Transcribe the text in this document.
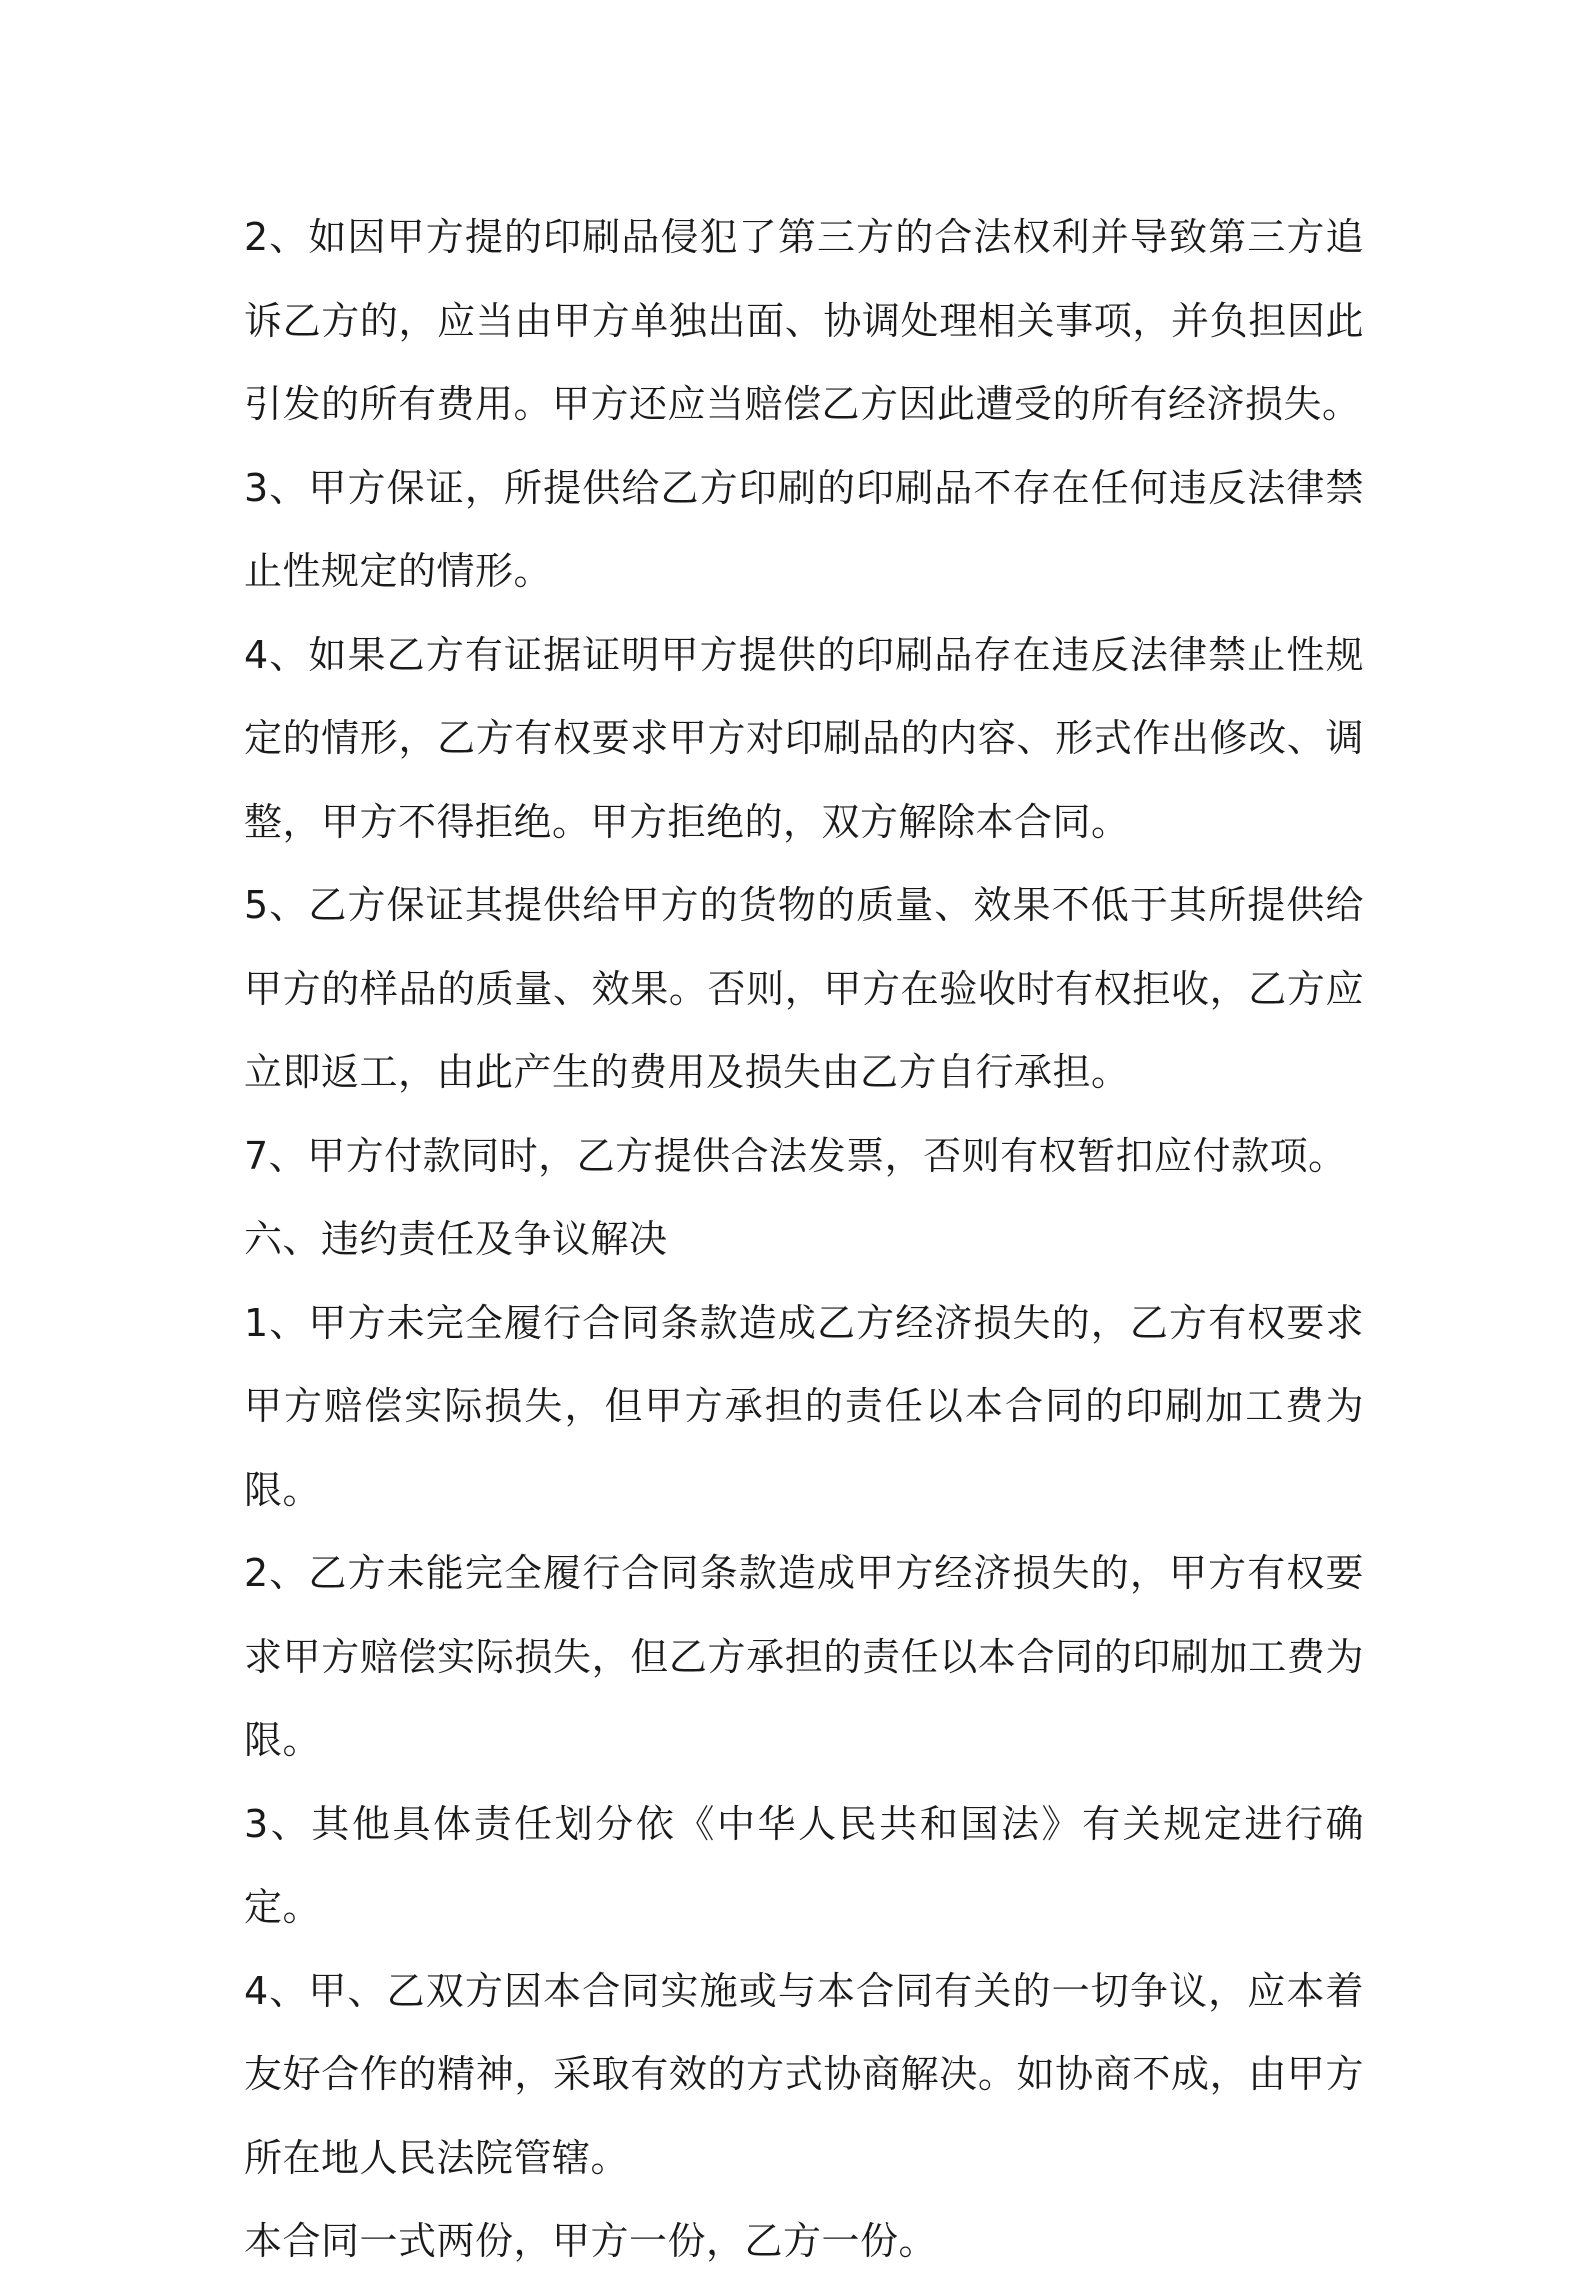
2、如因甲方提的印刷品侵犯了第三方的合法权利并导致第三方追诉乙方的，应当由甲方单独出面、协调处理相关事项，并负担因此引发的所有费用。甲方还应当赔偿乙方因此遭受的所有经济损失。

3、甲方保证，所提供给乙方印刷的印刷品不存在任何违反法律禁止性规定的情形。

4、如果乙方有证据证明甲方提供的印刷品存在违反法律禁止性规定的情形，乙方有权要求甲方对印刷品的内容、形式作出修改、调整，甲方不得拒绝。甲方拒绝的，双方解除本合同。

5、乙方保证其提供给甲方的货物的质量、效果不低于其所提供给甲方的样品的质量、效果。否则，甲方在验收时有权拒收，乙方应立即返工，由此产生的费用及损失由乙方自行承担。

7、甲方付款同时，乙方提供合法发票，否则有权暂扣应付款项。

六、违约责任及争议解决

1、甲方未完全履行合同条款造成乙方经济损失的，乙方有权要求甲方赔偿实际损失，但甲方承担的责任以本合同的印刷加工费为限。

2、乙方未能完全履行合同条款造成甲方经济损失的，甲方有权要求甲方赔偿实际损失，但乙方承担的责任以本合同的印刷加工费为限。

3、其他具体责任划分依《中华人民共和国法》有关规定进行确定。

4、甲、乙双方因本合同实施或与本合同有关的一切争议，应本着友好合作的精神，采取有效的方式协商解决。如协商不成，由甲方所在地人民法院管辖。

本合同一式两份，甲方一份，乙方一份。
